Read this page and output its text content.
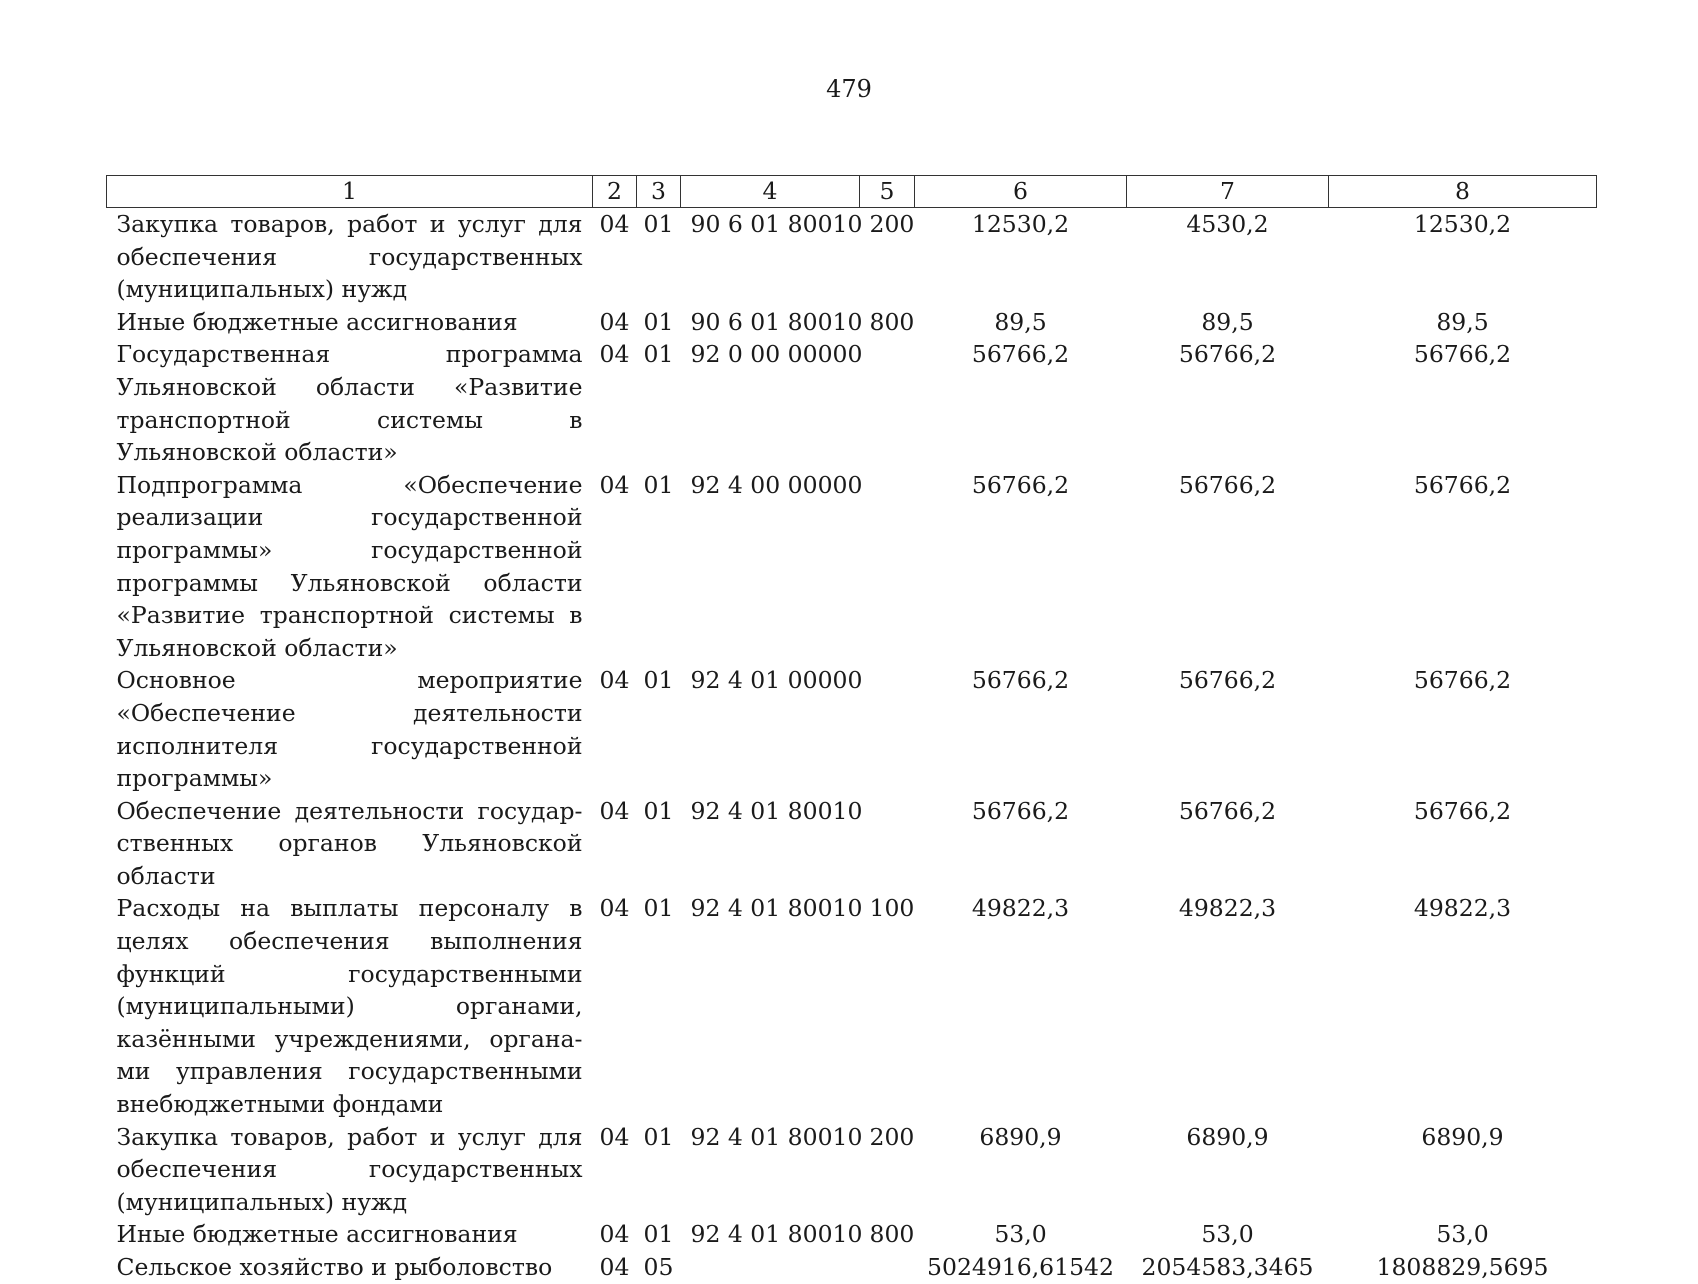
479
1	2	3	4	5	6	7	8
Закупка товаров, работ и услуг для обеспечения государственных (муниципальных) нужд	04	01	90 6 01 80010	200	12530,2	4530,2	12530,2
Иные бюджетные ассигнования	04	01	90 6 01 80010	800	89,5	89,5	89,5
Государственная программа Ульяновской области «Развитие транспортной системы в Ульяновской области»	04	01	92 0 00 00000		56766,2	56766,2	56766,2
Подпрограмма «Обеспечение реализации государственной программы» государственной программы Ульяновской области «Развитие транспортной системы в Ульяновской области»	04	01	92 4 00 00000		56766,2	56766,2	56766,2
Основное мероприятие «Обеспечение деятельности исполнителя государственной программы»	04	01	92 4 01 00000		56766,2	56766,2	56766,2
Обеспечение деятельности государственных органов Ульяновской области	04	01	92 4 01 80010		56766,2	56766,2	56766,2
Расходы на выплаты персоналу в целях обеспечения выполнения функций государственными (муниципальными) органами, казёнными учреждениями, органами управления государственными внебюджетными фондами	04	01	92 4 01 80010	100	49822,3	49822,3	49822,3
Закупка товаров, работ и услуг для обеспечения государственных (муниципальных) нужд	04	01	92 4 01 80010	200	6890,9	6890,9	6890,9
Иные бюджетные ассигнования	04	01	92 4 01 80010	800	53,0	53,0	53,0
Сельское хозяйство и рыболовство	04	05			5024916,61542	2054583,3465	1808829,5695
